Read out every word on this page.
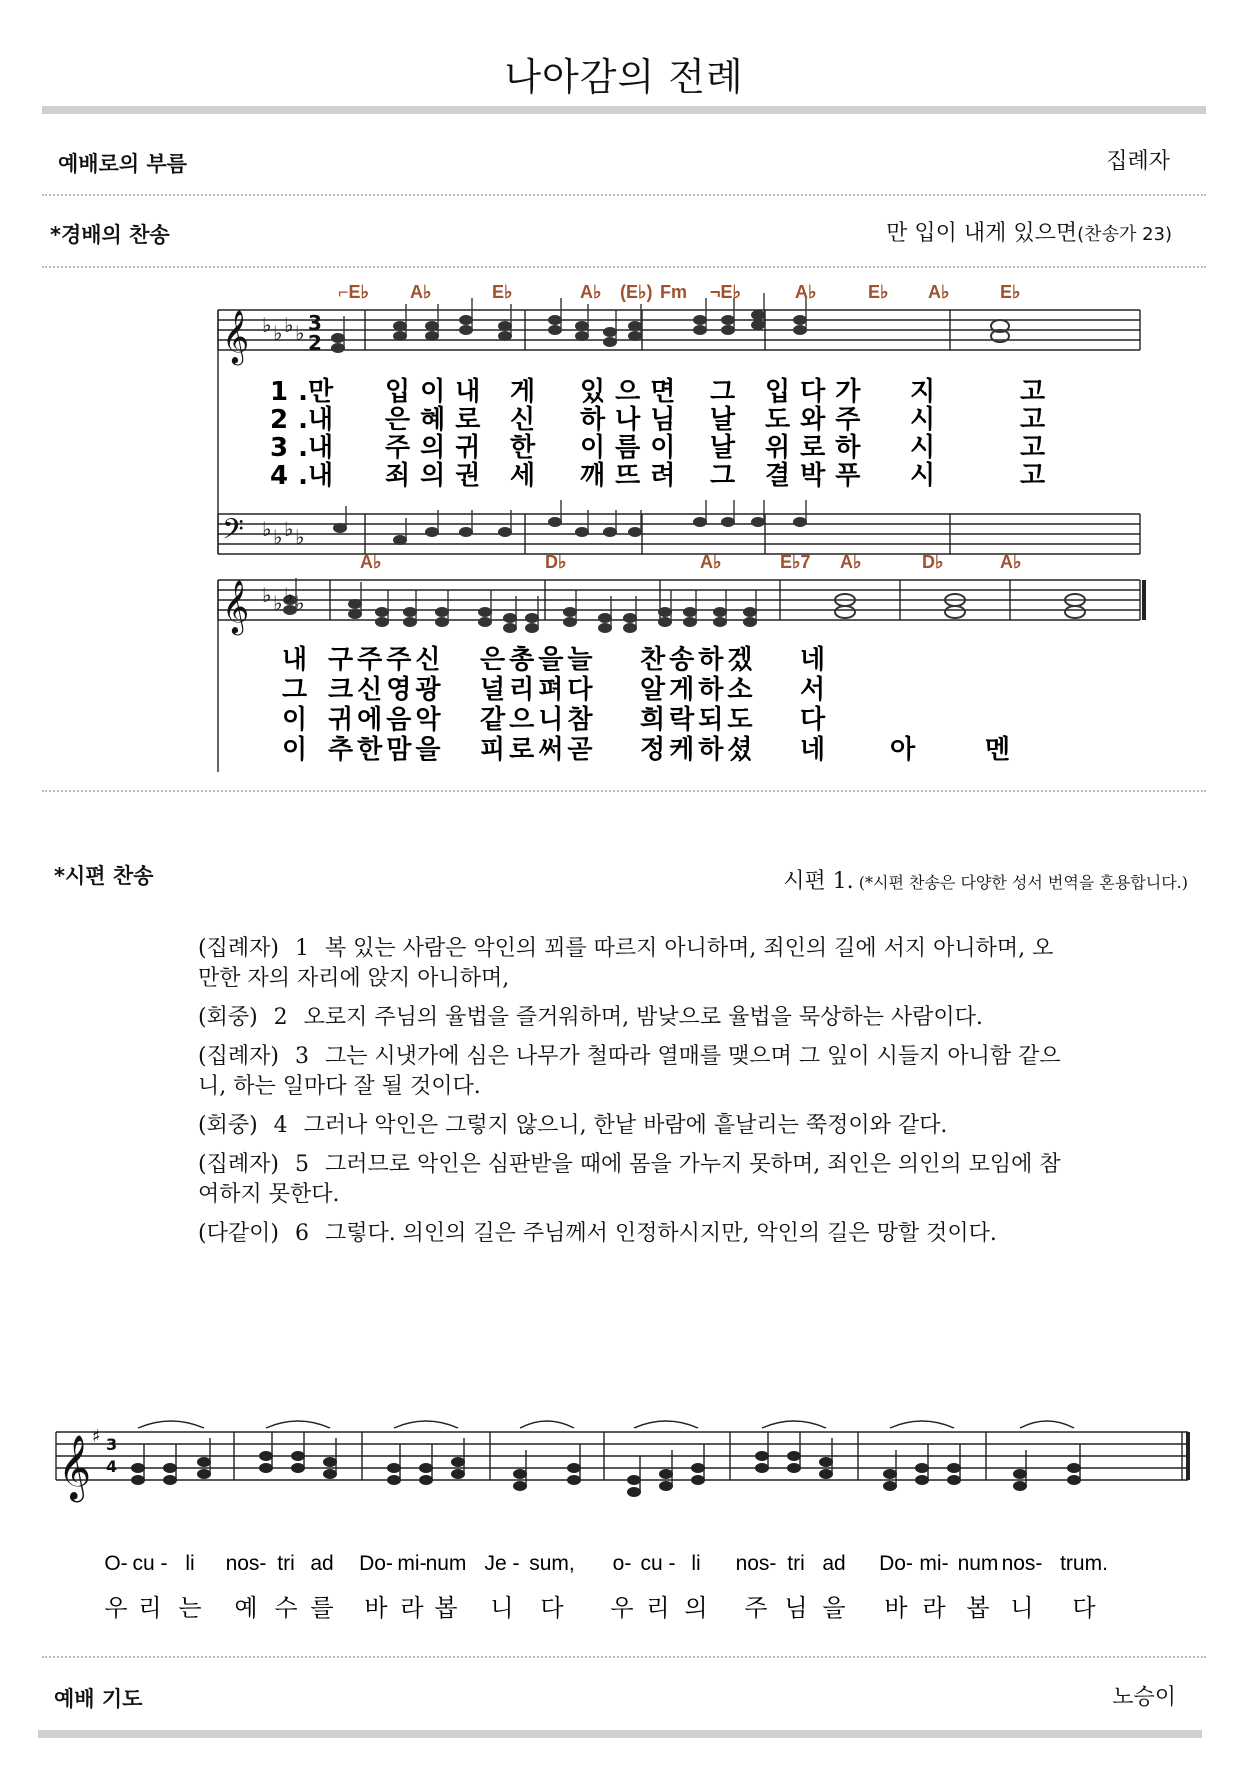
나아감의 전례
예배로의 부름	집례자
*경배의 찬송	만 입이 내게 있으면(찬송가 23)
𝄞
𝄢
𝄞
♭ ♭ ♭ ♭
♭ ♭ ♭ ♭
♭ ♭ ♭ ♭
3
2
⌐E♭ A♭	E♭	A♭ (E♭) Fm ¬E♭	A♭	E♭ A♭	E♭
A♭	D♭	A♭	E♭7 A♭	D♭	A♭
1.
만 입이내 게 있으면 그 입다가 지	고
2.
내 은혜로 신 하나님 날 도와주 시	고
3.
내 주의귀 한 이름이 날 위로하 시	고
4.
내 죄의권 세 깨뜨려 그 결박푸 시	고
내 구주주신 은총을늘 찬송하겠 네
그 크신영광 널리펴다 알게하소 서
이 귀에음악 같으니참 희락되도 다
이 추한맘을 피로써곧 정케하셨 네 아	멘
*시편 찬송	시편 1. (*시편 찬송은 다양한 성서 번역을 혼용합니다.)

(집례자) 1 복 있는 사람은 악인의 꾀를 따르지 아니하며, 죄인의 길에 서지 아니하며, 오
만한 자의 자리에 앉지 아니하며,

(회중) 2 오로지 주님의 율법을 즐거워하며, 밤낮으로 율법을 묵상하는 사람이다.

(집례자) 3 그는 시냇가에 심은 나무가 철따라 열매를 맺으며 그 잎이 시들지 아니함 같으
니, 하는 일마다 잘 될 것이다.

(회중) 4 그러나 악인은 그렇지 않으니, 한낱 바람에 흩날리는 쭉정이와 같다.

(집례자) 5 그러므로 악인은 심판받을 때에 몸을 가누지 못하며, 죄인은 의인의 모임에 참
여하지 못한다.

(다같이) 6 그렇다. 의인의 길은 주님께서 인정하시지만, 악인의 길은 망할 것이다.

𝄞 ♯ 3
4
O- cu - li nos- tri ad Do- mi-
num Je - sum, o- cu - li nos- tri ad Do- mi- num nos- trum.
우 리 는 예 수 를 바 라 봅 니 다 우 리 의 주 님 을 바 라 봅 니 다
예배 기도	노승이
